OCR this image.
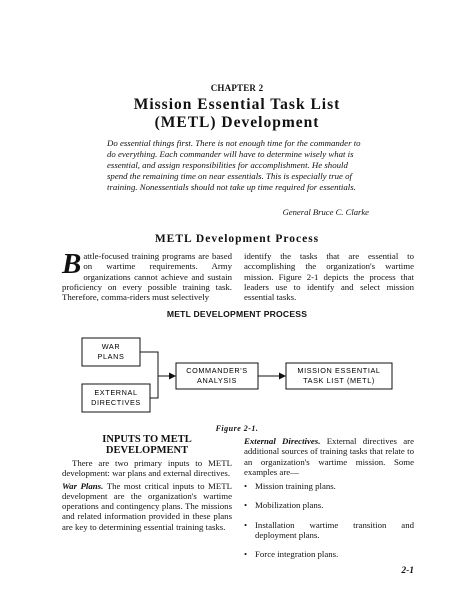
CHAPTER 2
Mission Essential Task List
(METL) Development
Do essential things first. There is not enough time for the commander to do everything. Each commander will have to determine wisely what is essential, and assign responsibilities for accomplishment. He should spend the remaining time on near essentials. This is especially true of training. Nonessentials should not take up time required for essentials.
General Bruce C. Clarke
METL Development Process
B attle-focused training programs are based on wartime requirements. Army organizations cannot achieve and sustain proficiency on every possible training task. Therefore, comma-riders must selectively
identify the tasks that are essential to accomplishing the organization's wartime mission. Figure 2-1 depicts the process that leaders use to identify and select mission essential tasks.
METL DEVELOPMENT PROCESS
WAR
PLANS
EXTERNAL
DIRECTIVES
COMMANDER'S
ANALYSIS
MISSION ESSENTIAL
TASK LIST (METL)
Figure 2-1.
INPUTS TO METL
DEVELOPMENT

There are two primary inputs to METL development: war plans and external directives.

War Plans. The most critical inputs to METL development are the organization's wartime operations and contingency plans. The missions and related information provided in these plans are key to determining essential training tasks.

External Directives. External directives are additional sources of training tasks that relate to an organization's wartime mission. Some examples are—

• Mission training plans.
• Mobilization plans.
• Installation wartime transition and deployment plans.
• Force integration plans.
2-1
